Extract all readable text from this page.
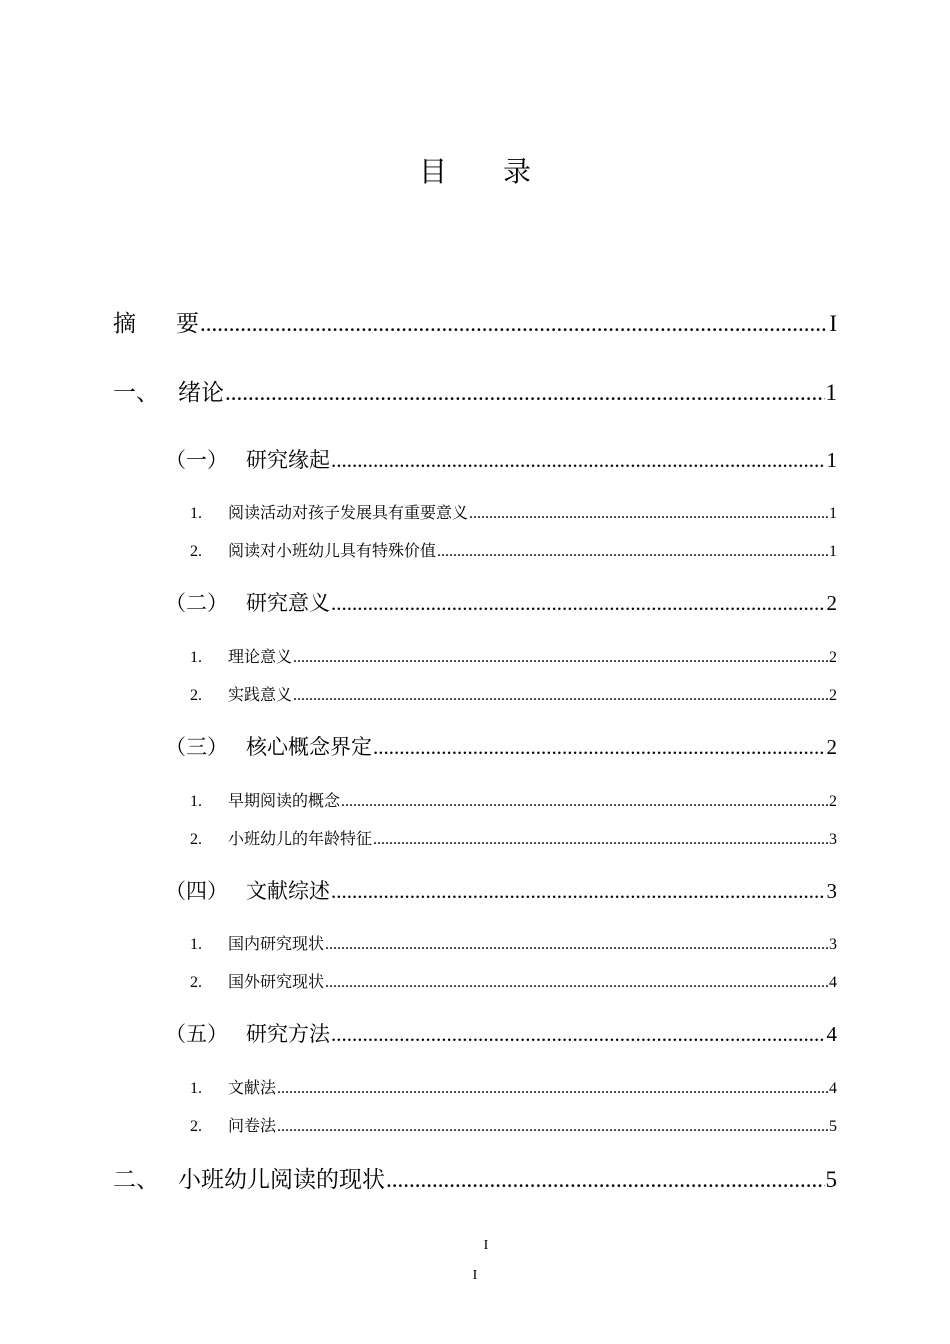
目 录
摘 要 .....	I
一、 绪论 .....	1
（一） 研究缘起 .....	1
1.	阅读活动对孩子发展具有重要意义 .....	1
2.	阅读对小班幼儿具有特殊价值 .....	1
（二） 研究意义 .....	2
1.	理论意义 .....	2
2.	实践意义 .....	2
（三） 核心概念界定 .....	2
1.	早期阅读的概念 .....	2
2.	小班幼儿的年龄特征 .....	3
（四） 文献综述 .....	3
1.	国内研究现状 .....	3
2.	国外研究现状 .....	4
（五） 研究方法 .....	4
1.	文献法 .....	4
2.	问卷法 .....	5
二、 小班幼儿阅读的现状 .....	5
I
I
